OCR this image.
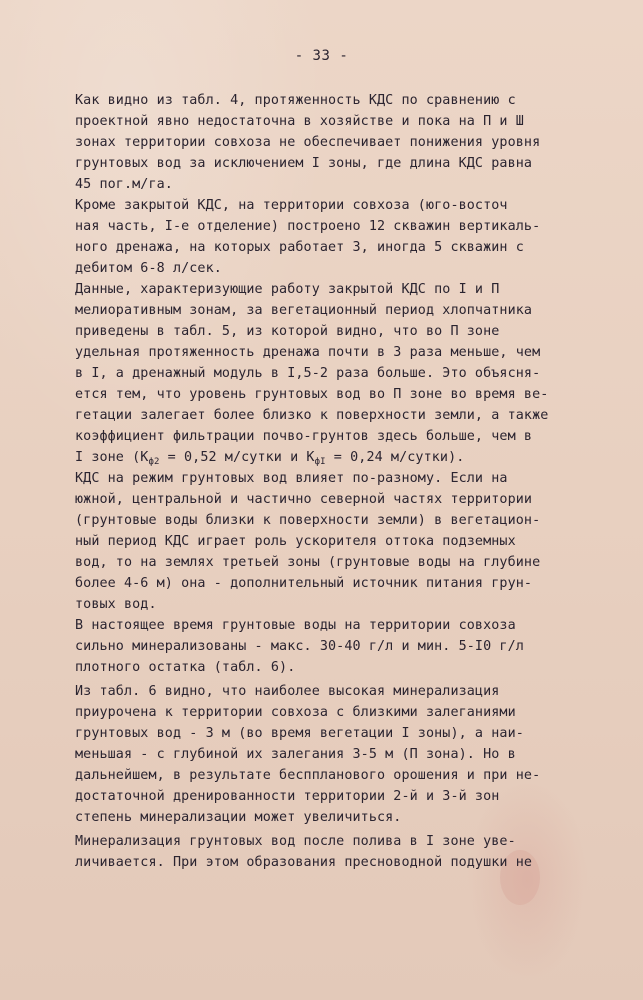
- 33 -
Как видно из табл. 4, протяженность КДС по сравнению с
проектной явно недостаточна в хозяйстве и пока на П и Ш
зонах территории совхоза не обеспечивает понижения уровня
грунтовых вод за исключением I зоны, где длина КДС равна
45 пог.м/га.
Кроме закрытой КДС, на территории совхоза (юго-восточ
ная часть, I-е отделение) построено 12 скважин вертикаль-
ного дренажа, на которых работает 3, иногда 5 скважин с
дебитом 6-8 л/сек.
Данные, характеризующие работу закрытой КДС по I и П
мелиоративным зонам, за вегетационный период хлопчатника
приведены в табл. 5, из которой видно, что во П зоне
удельная протяженность дренажа почти в 3 раза меньше, чем
в I, а дренажный модуль в I,5-2 раза больше. Это объясня-
ется тем, что уровень грунтовых вод во П зоне во время ве-
гетации залегает более близко к поверхности земли, а также
коэффициент фильтрации почво-грунтов здесь больше, чем в
I зоне ($K_{ф2} = 0,52$ м/сутки и $K_{фI} = 0,24$ м/сутки).
КДС на режим грунтовых вод влияет по-разному. Если на
южной, центральной и частично северной частях территории
(грунтовые воды близки к поверхности земли) в вегетацион-
ный период КДС играет роль ускорителя оттока подземных
вод, то на землях третьей зоны (грунтовые воды на глубине
более 4-6 м) она - дополнительный источник питания грун-
товых вод.
В настоящее время грунтовые воды на территории совхоза
сильно минерализованы - макс. 30-40 г/л и мин. 5-I0 г/л
плотного остатка (табл. 6).
Из табл. 6 видно, что наиболее высокая минерализация
приурочена к территории совхоза с близкими залеганиями
грунтовых вод - 3 м (во время вегетации I зоны), а наи-
меньшая - с глубиной их залегания 3-5 м (П зона). Но в
дальнейшем, в результате бесппланового орошения и при не-
достаточной дренированности территории 2-й и 3-й зон
степень минерализации может увеличиться.
Минерализация грунтовых вод после полива в I зоне уве-
личивается. При этом образования пресноводной подушки не
